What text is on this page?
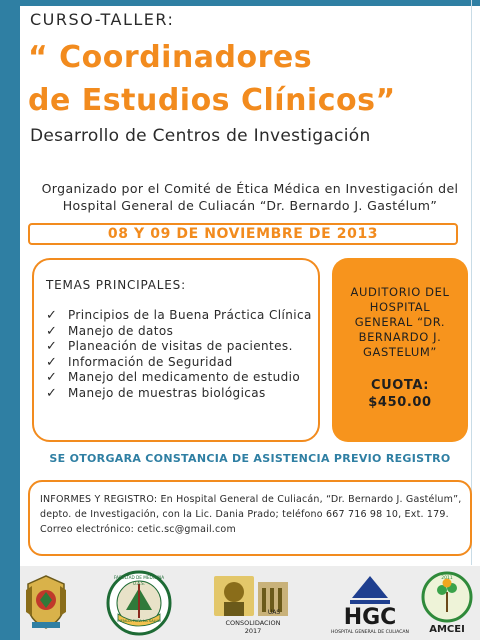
CURSO-TALLER:
“ Coordinadores
de Estudios Clínicos”
Desarrollo de Centros de Investigación
Organizado por el Comité de Ética Médica en Investigación del
Hospital General de Culiacán “Dr. Bernardo J. Gastélum”
08 Y 09 DE NOVIEMBRE DE 2013
TEMAS PRINCIPALES:
✓ Principios de la Buena Práctica Clínica
✓ Manejo de datos
✓ Planeación de visitas de pacientes.
✓ Información de Seguridad
✓ Manejo del medicamento de estudio
✓ Manejo de muestras biológicas
AUDITORIO DEL HOSPITAL GENERAL “DR. BERNARDO J. GASTELUM”
CUOTA:
$450.00
SE OTORGARA CONSTANCIA DE ASISTENCIA PREVIO REGISTRO

INFORMES Y REGISTRO: En Hospital General de Culiacán, “Dr. Bernardo J. Gastélum”,

depto. de Investigación, con la Lic. Dania Prado; teléfono 667 716 98 10, Ext. 179.

Correo electrónico: cetic.sc@gmail.com

FACULTAD DE MEDICINA
U.A.S.
CIENCIA PARA LA SALUD
UAS
CONSOLIDACION
2017
HGC
HOSPITAL GENERAL DE CULIACAN
2011
AMCEI
